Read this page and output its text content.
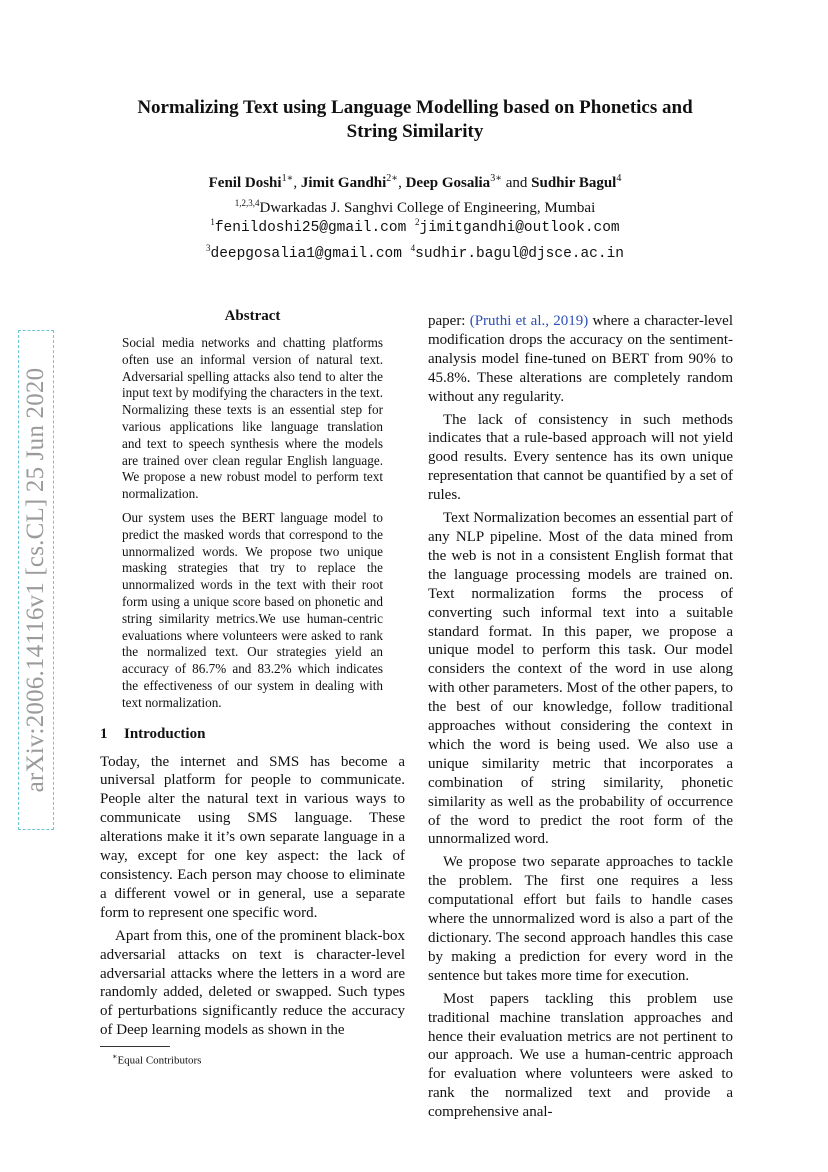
arXiv:2006.14116v1 [cs.CL] 25 Jun 2020
Normalizing Text using Language Modelling based on Phonetics and
String Similarity
Fenil Doshi$^{1∗}$, Jimit Gandhi$^{2∗}$, Deep Gosalia$^{3∗}$ and Sudhir Bagul$^4$
$^{1,2,3,4}$Dwarkadas J. Sanghvi College of Engineering, Mumbai
$^1$fenildoshi25@gmail.com $^2$jimitgandhi@outlook.com
$^3$deepgosalia1@gmail.com $^4$sudhir.bagul@djsce.ac.in
Abstract

Social media networks and chatting platforms often use an informal version of natural text. Adversarial spelling attacks also tend to alter the input text by modifying the characters in the text. Normalizing these texts is an essential step for various applications like language translation and text to speech synthesis where the models are trained over clean regular English language. We propose a new robust model to perform text normalization.

Our system uses the BERT language model to predict the masked words that correspond to the unnormalized words. We propose two unique masking strategies that try to replace the unnormalized words in the text with their root form using a unique score based on phonetic and string similarity metrics.We use human-centric evaluations where volunteers were asked to rank the normalized text. Our strategies yield an accuracy of 86.7% and 83.2% which indicates the effectiveness of our system in dealing with text normalization.

1 Introduction

Today, the internet and SMS has become a universal platform for people to communicate. People alter the natural text in various ways to communicate using SMS language. These alterations make it it’s own separate language in a way, except for one key aspect: the lack of consistency. Each person may choose to eliminate a different vowel or in general, use a separate form to represent one specific word.

Apart from this, one of the prominent black-box adversarial attacks on text is character-level adversarial attacks where the letters in a word are randomly added, deleted or swapped. Such types of perturbations significantly reduce the accuracy of Deep learning models as shown in the

paper: (Pruthi et al., 2019) where a character-level modification drops the accuracy on the sentiment-analysis model fine-tuned on BERT from 90% to 45.8%. These alterations are completely random without any regularity.

The lack of consistency in such methods indicates that a rule-based approach will not yield good results. Every sentence has its own unique representation that cannot be quantified by a set of rules.

Text Normalization becomes an essential part of any NLP pipeline. Most of the data mined from the web is not in a consistent English format that the language processing models are trained on. Text normalization forms the process of converting such informal text into a suitable standard format. In this paper, we propose a unique model to perform this task. Our model considers the context of the word in use along with other parameters. Most of the other papers, to the best of our knowledge, follow traditional approaches without considering the context in which the word is being used. We also use a unique similarity metric that incorporates a combination of string similarity, phonetic similarity as well as the probability of occurrence of the word to predict the root form of the unnormalized word.

We propose two separate approaches to tackle the problem. The first one requires a less computational effort but fails to handle cases where the unnormalized word is also a part of the dictionary. The second approach handles this case by making a prediction for every word in the sentence but takes more time for execution.

Most papers tackling this problem use traditional machine translation approaches and hence their evaluation metrics are not pertinent to our approach. We use a human-centric approach for evaluation where volunteers were asked to rank the normalized text and provide a comprehensive anal-

∗Equal Contributors
